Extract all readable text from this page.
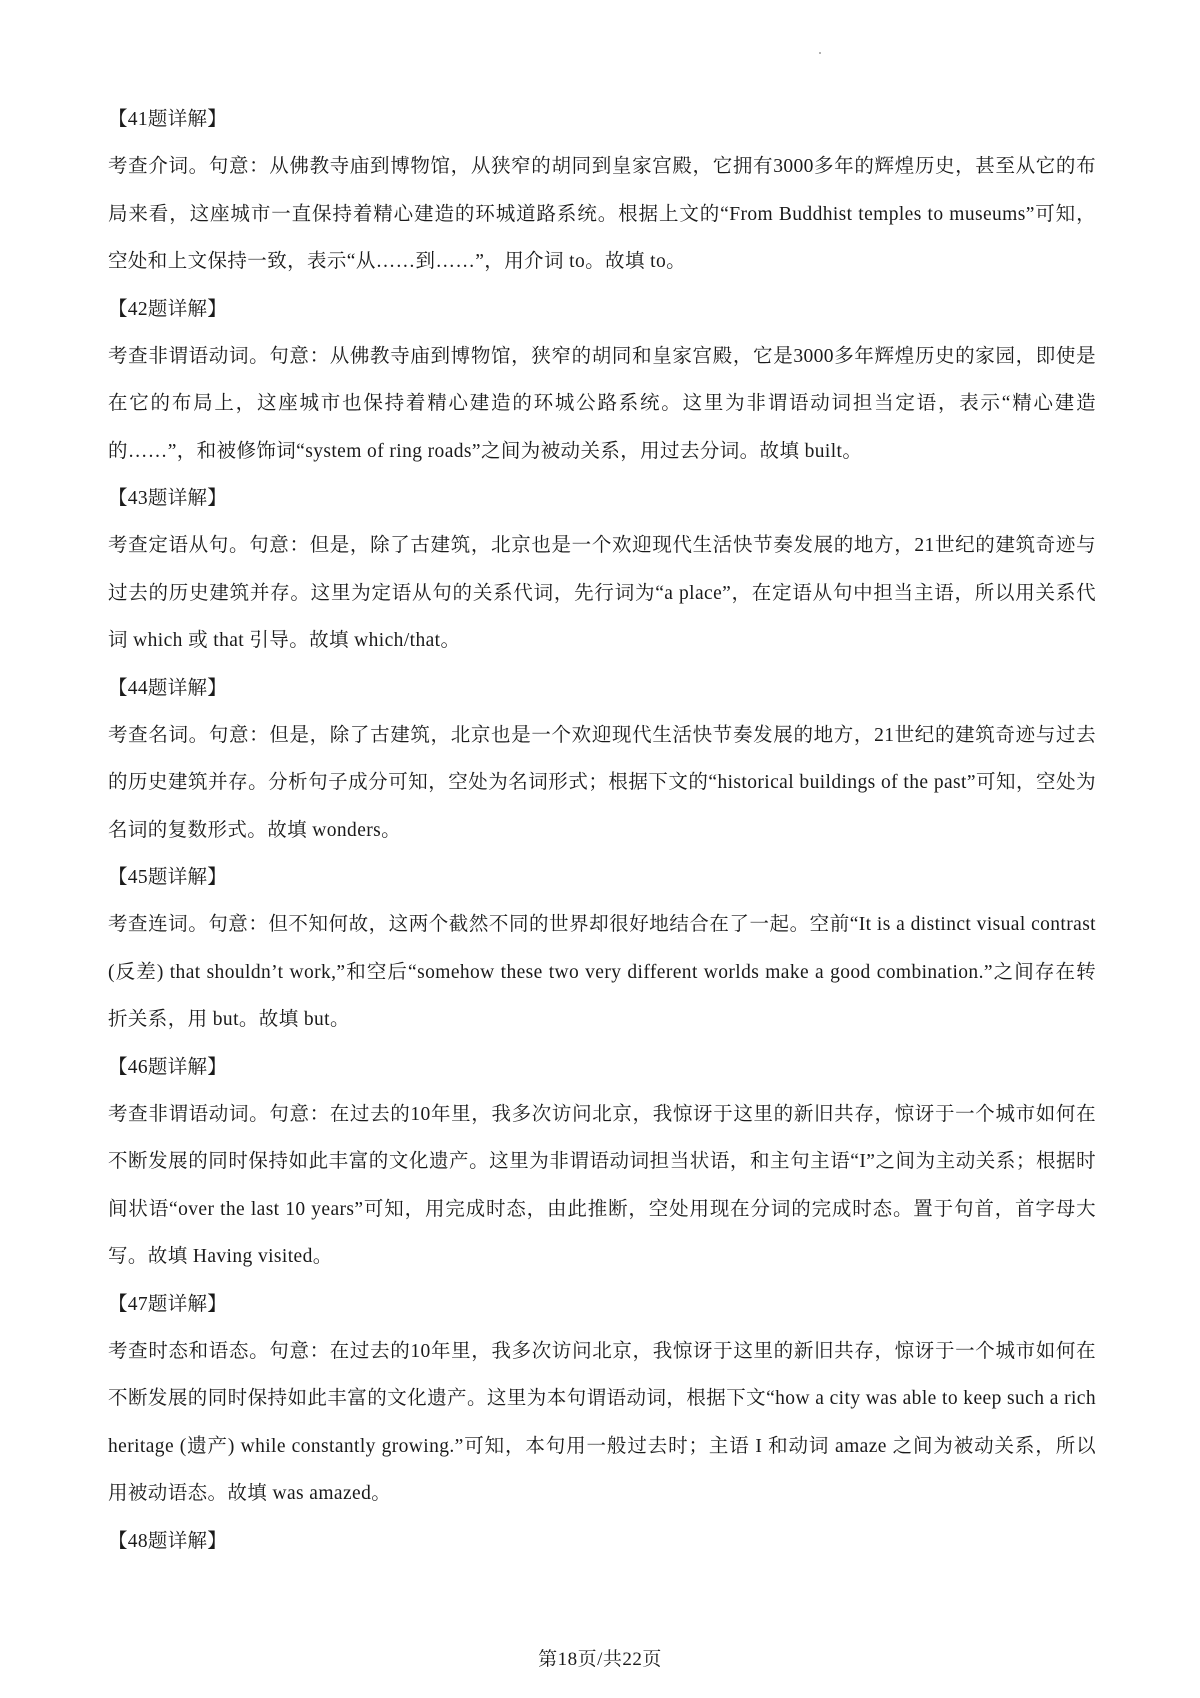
【41题详解】

考查介词。句意：从佛教寺庙到博物馆，从狭窄的胡同到皇家宫殿，它拥有3000多年的辉煌历史，甚至从它的布局来看，这座城市一直保持着精心建造的环城道路系统。根据上文的“From Buddhist temples to museums”可知，空处和上文保持一致，表示“从……到……”，用介词 to。故填 to。

【42题详解】

考查非谓语动词。句意：从佛教寺庙到博物馆，狭窄的胡同和皇家宫殿，它是3000多年辉煌历史的家园，即使是在它的布局上，这座城市也保持着精心建造的环城公路系统。这里为非谓语动词担当定语，表示“精心建造的……”，和被修饰词“system of ring roads”之间为被动关系，用过去分词。故填 built。

【43题详解】

考查定语从句。句意：但是，除了古建筑，北京也是一个欢迎现代生活快节奏发展的地方，21世纪的建筑奇迹与过去的历史建筑并存。这里为定语从句的关系代词，先行词为“a place”，在定语从句中担当主语，所以用关系代词 which 或 that 引导。故填 which/that。

【44题详解】

考查名词。句意：但是，除了古建筑，北京也是一个欢迎现代生活快节奏发展的地方，21世纪的建筑奇迹与过去的历史建筑并存。分析句子成分可知，空处为名词形式；根据下文的“historical buildings of the past”可知，空处为名词的复数形式。故填 wonders。

【45题详解】

考查连词。句意：但不知何故，这两个截然不同的世界却很好地结合在了一起。空前“It is a distinct visual contrast (反差) that shouldn’t work,”和空后“somehow these two very different worlds make a good combination.”之间存在转折关系，用 but。故填 but。

【46题详解】

考查非谓语动词。句意：在过去的10年里，我多次访问北京，我惊讶于这里的新旧共存，惊讶于一个城市如何在不断发展的同时保持如此丰富的文化遗产。这里为非谓语动词担当状语，和主句主语“I”之间为主动关系；根据时间状语“over the last 10 years”可知，用完成时态，由此推断，空处用现在分词的完成时态。置于句首，首字母大写。故填 Having visited。

【47题详解】

考查时态和语态。句意：在过去的10年里，我多次访问北京，我惊讶于这里的新旧共存，惊讶于一个城市如何在不断发展的同时保持如此丰富的文化遗产。这里为本句谓语动词，根据下文“how a city was able to keep such a rich heritage (遗产) while constantly growing.”可知，本句用一般过去时；主语 I 和动词 amaze 之间为被动关系，所以用被动语态。故填 was amazed。

【48题详解】

第18页/共22页
